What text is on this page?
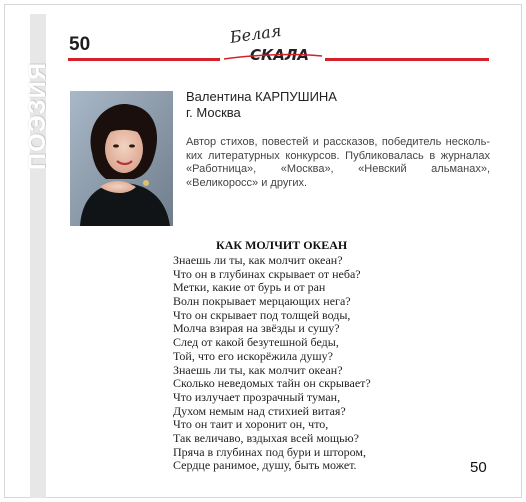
ПОЭЗИЯ
50	Белая
СКАЛА
Валентина КАРПУШИНА
г. Москва
Автор стихов, повестей и рассказов, победитель нескольких литературных конкурсов. Публиковалась в журналах «Работница», «Москва», «Невский альманах», «Великоросс» и других.
КАК МОЛЧИТ ОКЕАН
Знаешь ли ты, как молчит океан?
Что он в глубинах скрывает от неба?
Метки, какие от бурь и от ран
Волн покрывает мерцающих нега?
Что он скрывает под толщей воды,
Молча взирая на звёзды и сушу?
След от какой безутешной беды,
Той, что его искорёжила душу?
Знаешь ли ты, как молчит океан?
Сколько неведомых тайн он скрывает?
Что излучает прозрачный туман,
Духом немым над стихией витая?
Что он таит и хоронит он, что,
Так величаво, вздыхая всей мощью?
Пряча в глубинах под бури и штором,
Сердце ранимое, душу, быть может.	50
